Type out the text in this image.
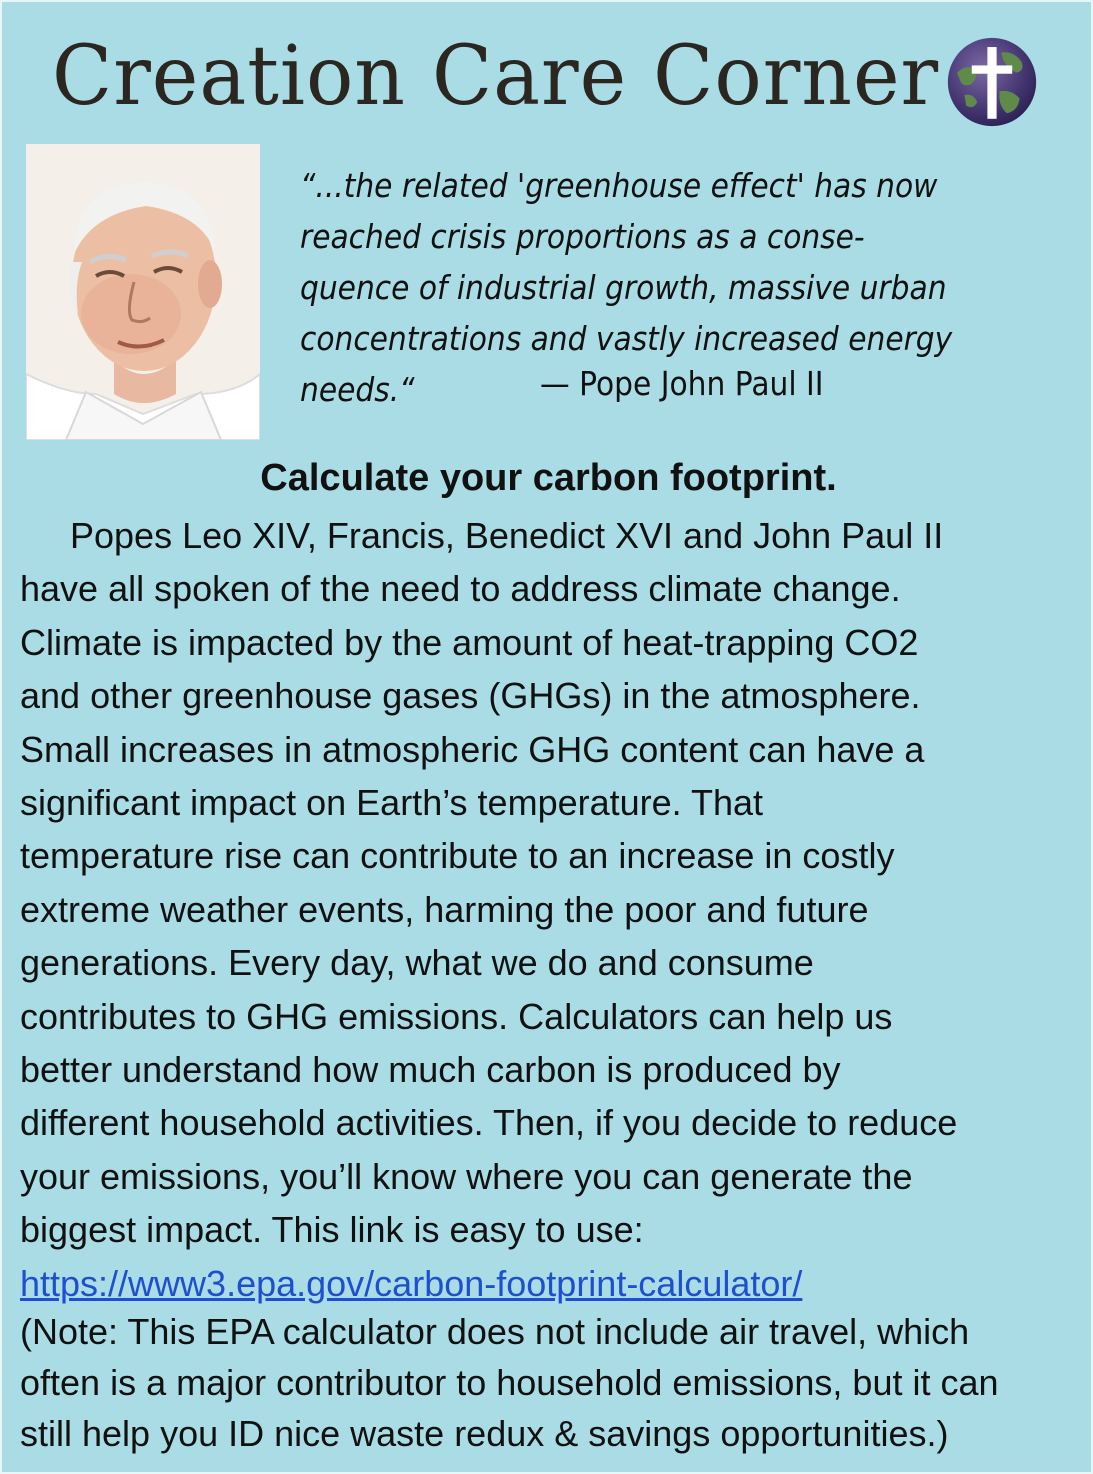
Creation Care Corner
“...the related 'greenhouse effect' has now
reached crisis proportions as a conse-
quence of industrial growth, massive urban
concentrations and vastly increased energy
needs.“	— Pope John Paul II
Calculate your carbon footprint.
Popes Leo XIV, Francis, Benedict XVI and John Paul II
have all spoken of the need to address climate change.
Climate is impacted by the amount of heat-trapping CO2
and other greenhouse gases (GHGs) in the atmosphere.
Small increases in atmospheric GHG content can have a
significant impact on Earth’s temperature. That
temperature rise can contribute to an increase in costly
extreme weather events, harming the poor and future
generations. Every day, what we do and consume
contributes to GHG emissions. Calculators can help us
better understand how much carbon is produced by
different household activities. Then, if you decide to reduce
your emissions, you’ll know where you can generate the
biggest impact. This link is easy to use:
https://www3.epa.gov/carbon-footprint-calculator/
(Note: This EPA calculator does not include air travel, which
often is a major contributor to household emissions, but it can
still help you ID nice waste redux & savings opportunities.)
